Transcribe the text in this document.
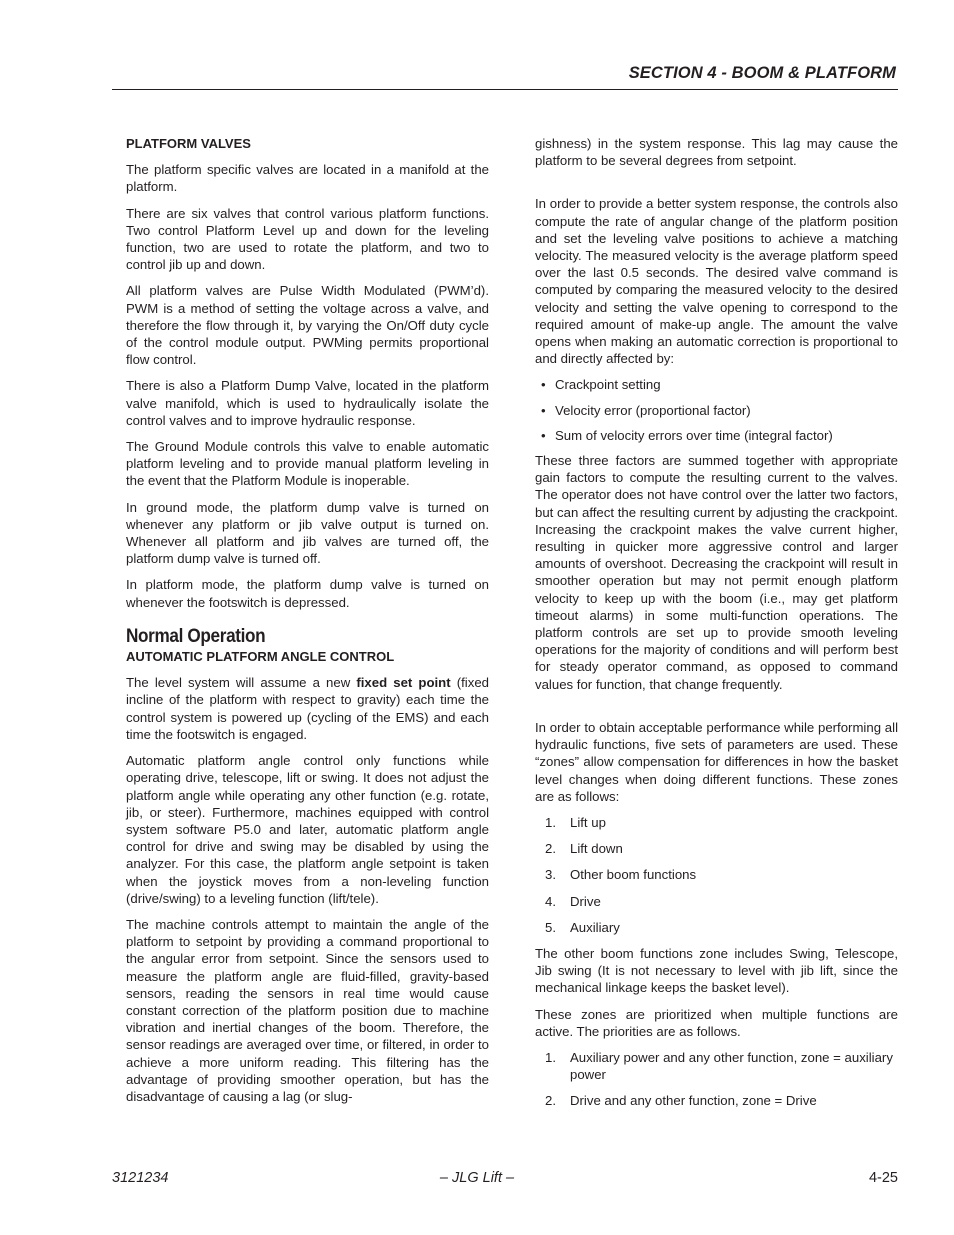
SECTION 4 - BOOM & PLATFORM
PLATFORM VALVES

The platform specific valves are located in a manifold at the platform.

There are six valves that control various platform functions. Two control Platform Level up and down for the leveling function, two are used to rotate the platform, and two to control jib up and down.

All platform valves are Pulse Width Modulated (PWM’d). PWM is a method of setting the voltage across a valve, and therefore the flow through it, by varying the On/Off duty cycle of the control module output. PWMing permits proportional flow control.

There is also a Platform Dump Valve, located in the platform valve manifold, which is used to hydraulically isolate the control valves and to improve hydraulic response.

The Ground Module controls this valve to enable automatic platform leveling and to provide manual platform leveling in the event that the Platform Module is inoperable.

In ground mode, the platform dump valve is turned on whenever any platform or jib valve output is turned on. Whenever all platform and jib valves are turned off, the platform dump valve is turned off.

In platform mode, the platform dump valve is turned on whenever the footswitch is depressed.

Normal Operation
AUTOMATIC PLATFORM ANGLE CONTROL

The level system will assume a new fixed set point (fixed incline of the platform with respect to gravity) each time the control system is powered up (cycling of the EMS) and each time the footswitch is engaged.

Automatic platform angle control only functions while operating drive, telescope, lift or swing. It does not adjust the platform angle while operating any other function (e.g. rotate, jib, or steer). Furthermore, machines equipped with control system software P5.0 and later, automatic platform angle control for drive and swing may be disabled by using the analyzer. For this case, the platform angle setpoint is taken when the joystick moves from a non-leveling function (drive/swing) to a leveling function (lift/tele).

The machine controls attempt to maintain the angle of the platform to setpoint by providing a command proportional to the angular error from setpoint. Since the sensors used to measure the platform angle are fluid-filled, gravity-based sensors, reading the sensors in real time would cause constant correction of the platform position due to machine vibration and inertial changes of the boom. Therefore, the sensor readings are averaged over time, or filtered, in order to achieve a more uniform reading. This filtering has the advantage of providing smoother operation, but has the disadvantage of causing a lag (or slug-

gishness) in the system response. This lag may cause the platform to be several degrees from setpoint.

In order to provide a better system response, the controls also compute the rate of angular change of the platform position and set the leveling valve positions to achieve a matching velocity. The measured velocity is the average platform speed over the last 0.5 seconds. The desired valve command is computed by comparing the measured velocity to the desired velocity and setting the valve opening to correspond to the required amount of make-up angle. The amount the valve opens when making an automatic correction is proportional to and directly affected by:

• Crackpoint setting
• Velocity error (proportional factor)
• Sum of velocity errors over time (integral factor)

These three factors are summed together with appropriate gain factors to compute the resulting current to the valves. The operator does not have control over the latter two factors, but can affect the resulting current by adjusting the crackpoint. Increasing the crackpoint makes the valve current higher, resulting in quicker more aggressive control and larger amounts of overshoot. Decreasing the crackpoint will result in smoother operation but may not permit enough platform velocity to keep up with the boom (i.e., may get platform timeout alarms) in some multi-function operations. The platform controls are set up to provide smooth leveling operations for the majority of conditions and will perform best for steady operator command, as opposed to command values for function, that change frequently.

In order to obtain acceptable performance while performing all hydraulic functions, five sets of parameters are used. These “zones” allow compensation for differences in how the basket level changes when doing different functions. These zones are as follows:

1. Lift up
2. Lift down
3. Other boom functions
4. Drive
5. Auxiliary

The other boom functions zone includes Swing, Telescope, Jib swing (It is not necessary to level with jib lift, since the mechanical linkage keeps the basket level).

These zones are prioritized when multiple functions are active. The priorities are as follows.

1. Auxiliary power and any other function, zone = auxiliary power
2. Drive and any other function, zone = Drive
3121234	– JLG Lift –	4-25
